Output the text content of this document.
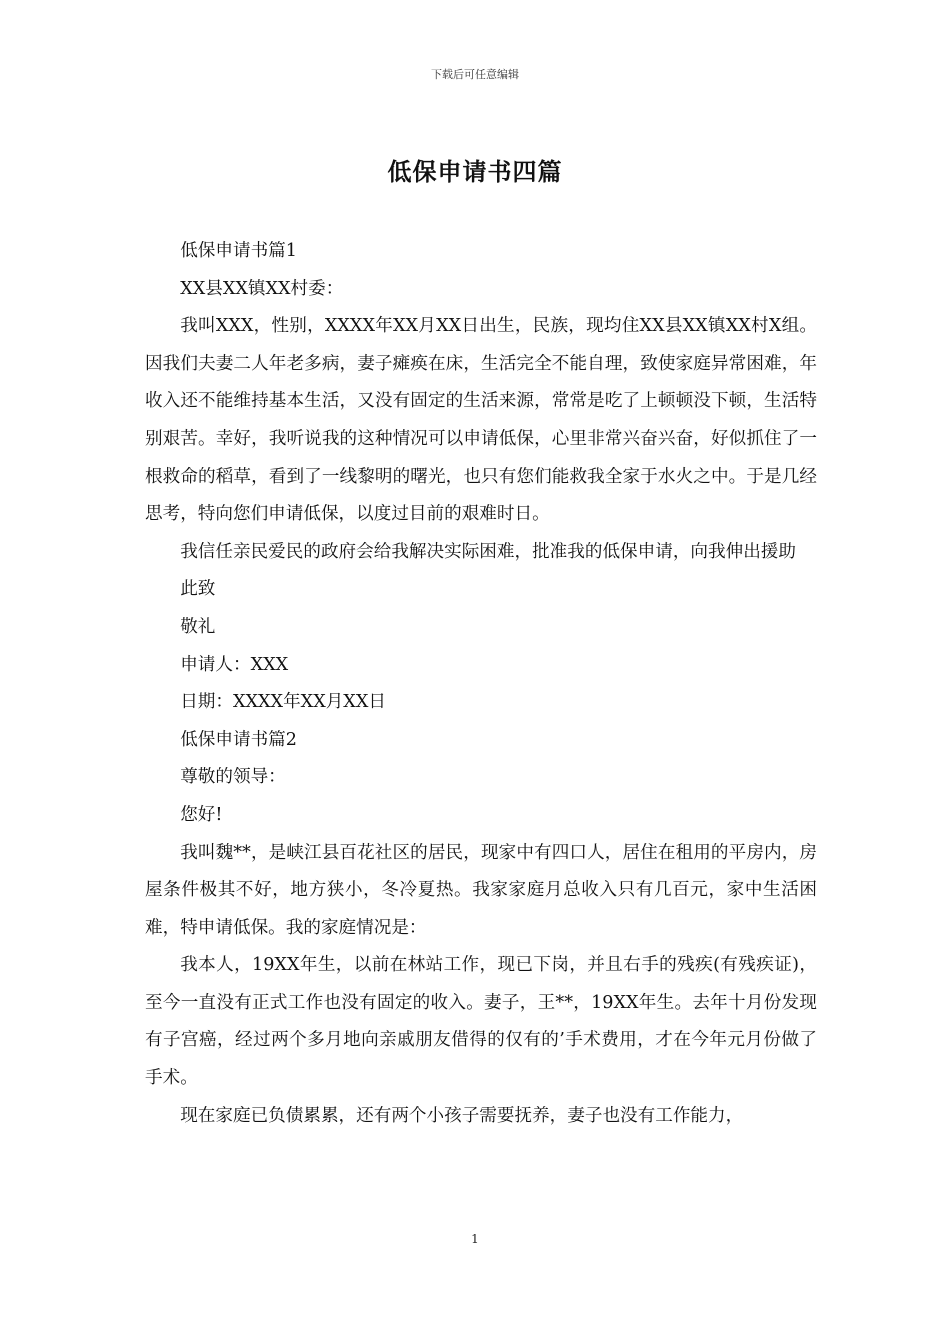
下载后可任意编辑
低保申请书四篇

低保申请书篇1

XX县XX镇XX村委：

我叫XXX，性别，XXXX年XX月XX日出生，民族，现均住XX县XX镇XX村X组。因我们夫妻二人年老多病，妻子瘫痪在床，生活完全不能自理，致使家庭异常困难，年收入还不能维持基本生活，又没有固定的生活来源，常常是吃了上顿顿没下顿，生活特别艰苦。幸好，我听说我的这种情况可以申请低保，心里非常兴奋兴奋，好似抓住了一根救命的稻草，看到了一线黎明的曙光，也只有您们能救我全家于水火之中。于是几经思考，特向您们申请低保，以度过目前的艰难时日。

我信任亲民爱民的政府会给我解决实际困难，批准我的低保申请，向我伸出援助

此致

敬礼

申请人：XXX

日期：XXXX年XX月XX日

低保申请书篇2

尊敬的领导：

您好!

我叫魏**，是峡江县百花社区的居民，现家中有四口人，居住在租用的平房内，房屋条件极其不好，地方狭小，冬冷夏热。我家家庭月总收入只有几百元，家中生活困难，特申请低保。我的家庭情况是：

我本人，19XX年生，以前在林站工作，现已下岗，并且右手的残疾(有残疾证)，至今一直没有正式工作也没有固定的收入。妻子，王**，19XX年生。去年十月份发现有子宫癌，经过两个多月地向亲戚朋友借得的仅有的’手术费用，才在今年元月份做了手术。

现在家庭已负债累累，还有两个小孩子需要抚养，妻子也没有工作能力，

1
